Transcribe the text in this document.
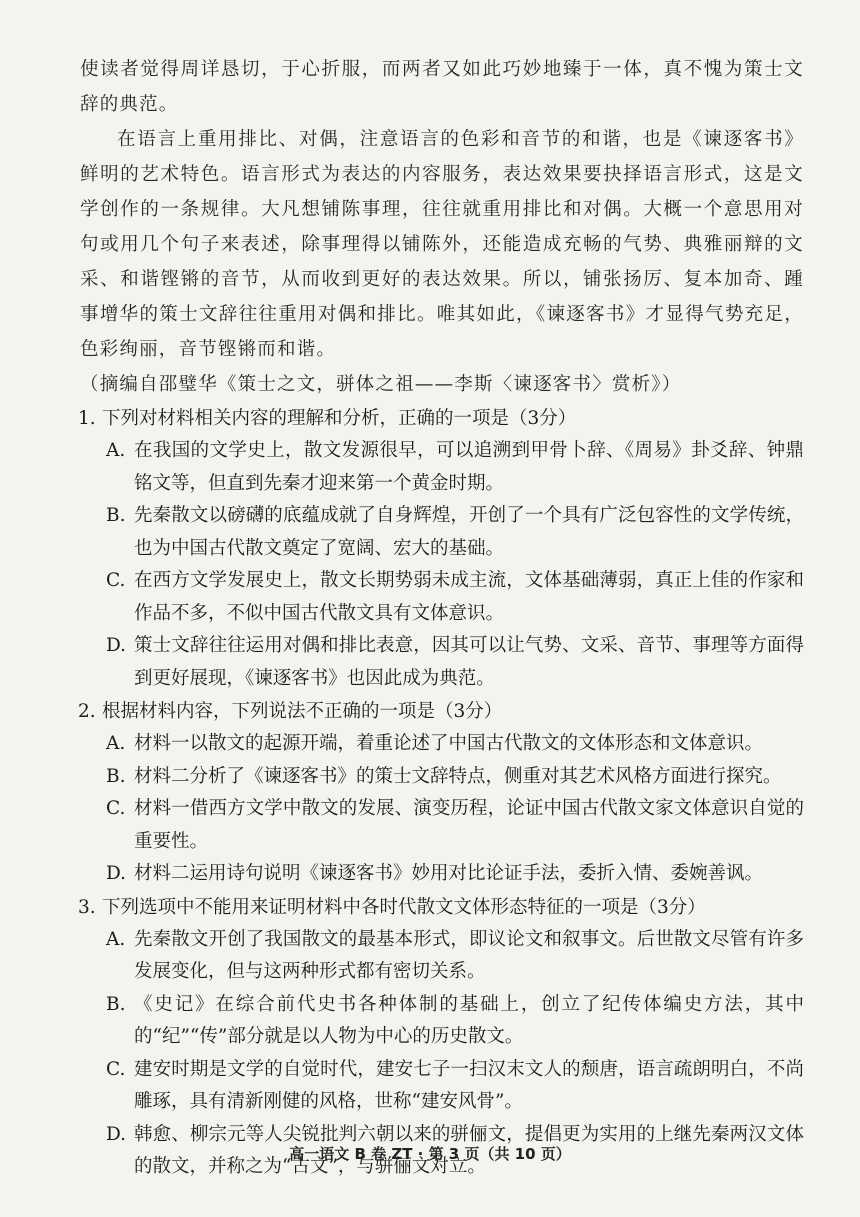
使读者觉得周详恳切，于心折服，而两者又如此巧妙地臻于一体，真不愧为策士文辞的典范。

在语言上重用排比、对偶，注意语言的色彩和音节的和谐，也是《谏逐客书》鲜明的艺术特色。语言形式为表达的内容服务，表达效果要抉择语言形式，这是文学创作的一条规律。大凡想铺陈事理，往往就重用排比和对偶。大概一个意思用对句或用几个句子来表述，除事理得以铺陈外，还能造成充畅的气势、典雅丽辩的文采、和谐铿锵的音节，从而收到更好的表达效果。所以，铺张扬厉、复本加奇、踵事增华的策士文辞往往重用对偶和排比。唯其如此，《谏逐客书》才显得气势充足，色彩绚丽，音节铿锵而和谐。

（摘编自邵璧华《策士之文，骈体之祖——李斯〈谏逐客书〉赏析》）

1. 下列对材料相关内容的理解和分析，正确的一项是（3分）
A. 在我国的文学史上，散文发源很早，可以追溯到甲骨卜辞、《周易》卦爻辞、钟鼎铭文等，但直到先秦才迎来第一个黄金时期。
B. 先秦散文以磅礴的底蕴成就了自身辉煌，开创了一个具有广泛包容性的文学传统，也为中国古代散文奠定了宽阔、宏大的基础。
C. 在西方文学发展史上，散文长期势弱未成主流，文体基础薄弱，真正上佳的作家和作品不多，不似中国古代散文具有文体意识。
D. 策士文辞往往运用对偶和排比表意，因其可以让气势、文采、音节、事理等方面得到更好展现，《谏逐客书》也因此成为典范。
2. 根据材料内容，下列说法不正确的一项是（3分）
A. 材料一以散文的起源开端，着重论述了中国古代散文的文体形态和文体意识。
B. 材料二分析了《谏逐客书》的策士文辞特点，侧重对其艺术风格方面进行探究。
C. 材料一借西方文学中散文的发展、演变历程，论证中国古代散文家文体意识自觉的重要性。
D. 材料二运用诗句说明《谏逐客书》妙用对比论证手法，委折入情、委婉善讽。
3. 下列选项中不能用来证明材料中各时代散文文体形态特征的一项是（3分）
A. 先秦散文开创了我国散文的最基本形式，即议论文和叙事文。后世散文尽管有许多发展变化，但与这两种形式都有密切关系。
B. 《史记》在综合前代史书各种体制的基础上，创立了纪传体编史方法，其中的“纪”“传”部分就是以人物为中心的历史散文。
C. 建安时期是文学的自觉时代，建安七子一扫汉末文人的颓唐，语言疏朗明白，不尚雕琢，具有清新刚健的风格，世称“建安风骨”。
D. 韩愈、柳宗元等人尖锐批判六朝以来的骈俪文，提倡更为实用的上继先秦两汉文体的散文，并称之为“古文”，与骈俪文对立。
高一语文 B 卷 ZT · 第 3 页（共 10 页）
